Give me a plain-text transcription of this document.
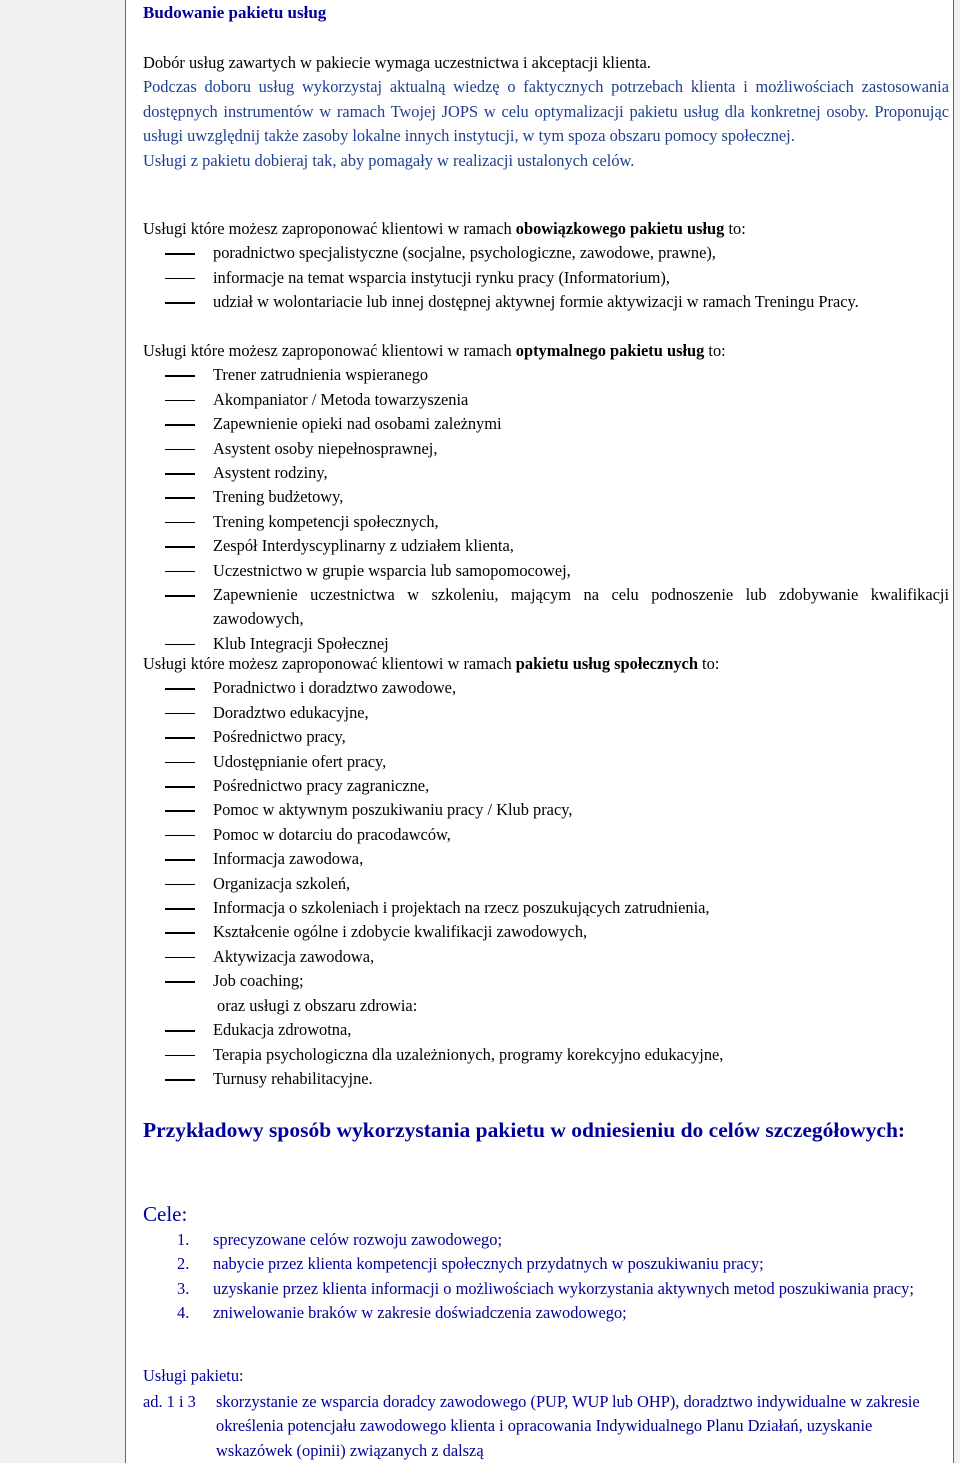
Budowanie pakietu usług
Dobór usług zawartych w pakiecie wymaga uczestnictwa i akceptacji klienta.
Podczas doboru usług wykorzystaj aktualną wiedzę o faktycznych potrzebach klienta i możliwościach zastosowania dostępnych instrumentów w ramach Twojej JOPS w celu optymalizacji pakietu usług dla konkretnej osoby. Proponując usługi uwzględnij także zasoby lokalne innych instytucji, w tym spoza obszaru pomocy społecznej.
Usługi z pakietu dobieraj tak, aby pomagały w realizacji ustalonych celów.
Usługi które możesz zaproponować klientowi w ramach obowiązkowego pakietu usług to:
poradnictwo specjalistyczne (socjalne, psychologiczne, zawodowe, prawne),
informacje na temat wsparcia instytucji rynku pracy (Informatorium),
udział w wolontariacie lub innej dostępnej aktywnej formie aktywizacji w ramach Treningu Pracy.
Usługi które możesz zaproponować klientowi w ramach optymalnego pakietu usług to:
Trener zatrudnienia wspieranego
Akompaniator / Metoda towarzyszenia
Zapewnienie opieki nad osobami zależnymi
Asystent osoby niepełnosprawnej,
Asystent rodziny,
Trening budżetowy,
Trening kompetencji społecznych,
Zespół Interdyscyplinarny z udziałem klienta,
Uczestnictwo w grupie wsparcia lub samopomocowej,
Zapewnienie uczestnictwa w szkoleniu, mającym na celu podnoszenie lub zdobywanie kwalifikacji zawodowych,
Klub Integracji Społecznej
Usługi które możesz zaproponować klientowi w ramach pakietu usług społecznych to:
Poradnictwo i doradztwo zawodowe,
Doradztwo edukacyjne,
Pośrednictwo pracy,
Udostępnianie ofert pracy,
Pośrednictwo pracy zagraniczne,
Pomoc w aktywnym poszukiwaniu pracy / Klub pracy,
Pomoc w dotarciu do pracodawców,
Informacja zawodowa,
Organizacja szkoleń,
Informacja o szkoleniach i projektach na rzecz poszukujących zatrudnienia,
Kształcenie ogólne i zdobycie kwalifikacji zawodowych,
Aktywizacja zawodowa,
Job coaching;
oraz usługi z obszaru zdrowia:
Edukacja zdrowotna,
Terapia psychologiczna dla uzależnionych, programy korekcyjno edukacyjne,
Turnusy rehabilitacyjne.
Przykładowy sposób wykorzystania pakietu w odniesieniu do celów szczegółowych:
Cele:
1. sprecyzowane celów rozwoju zawodowego;
2. nabycie przez klienta kompetencji społecznych przydatnych w poszukiwaniu pracy;
3. uzyskanie przez klienta informacji o możliwościach wykorzystania aktywnych metod poszukiwania pracy;
4. zniwelowanie braków w zakresie doświadczenia zawodowego;
Usługi pakietu:
ad. 1 i 3	skorzystanie ze wsparcia doradcy zawodowego (PUP, WUP lub OHP), doradztwo indywidualne w zakresie określenia potencjału zawodowego klienta i opracowania Indywidualnego Planu Działań, uzyskanie wskazówek (opinii) związanych z dalszą
